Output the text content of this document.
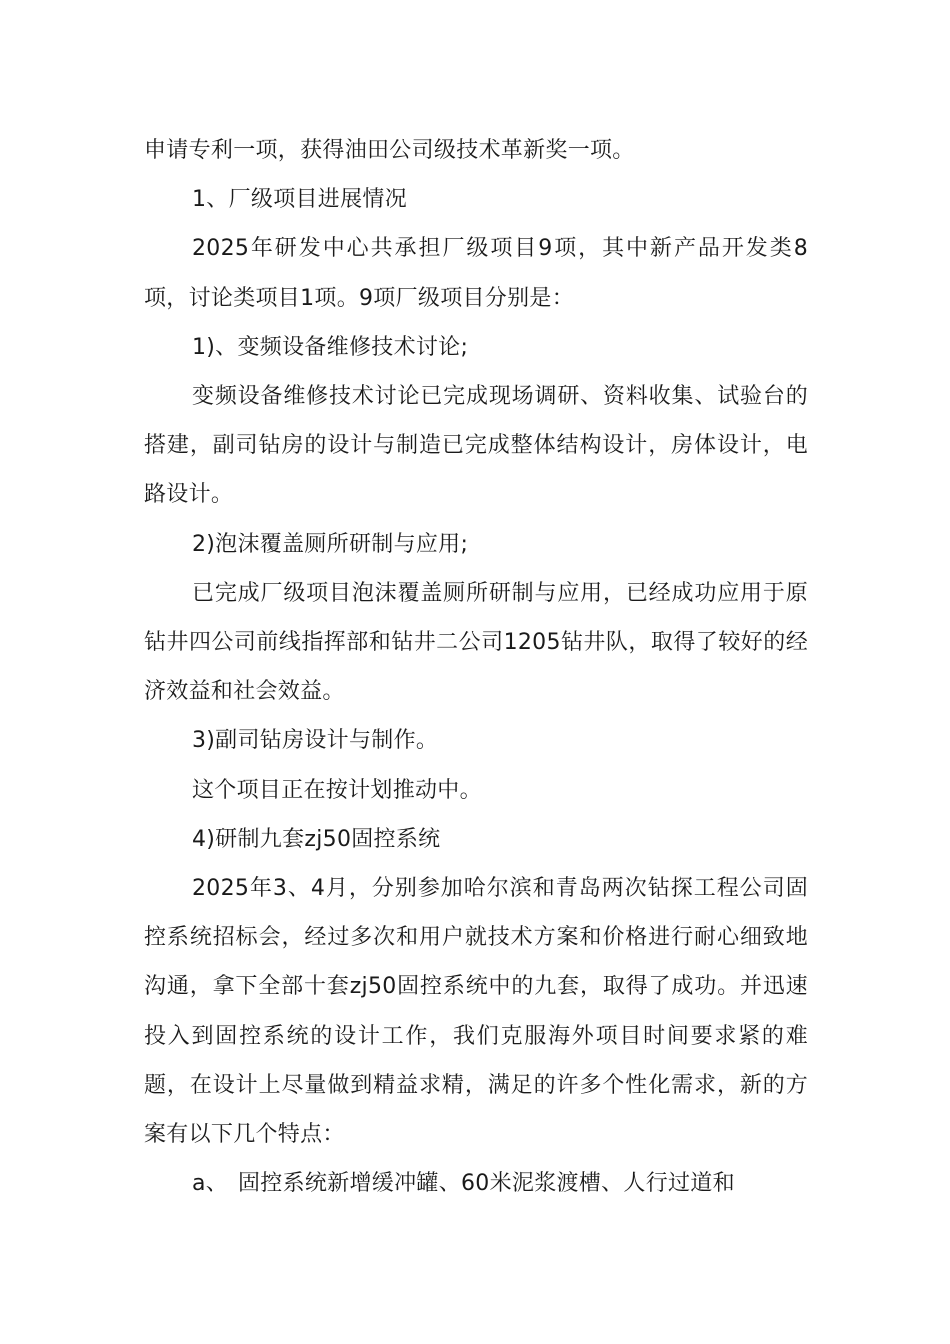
申请专利一项，获得油田公司级技术革新奖一项。

1、厂级项目进展情况

2025年研发中心共承担厂级项目9项，其中新产品开发类8项，讨论类项目1项。9项厂级项目分别是：

1)、变频设备维修技术讨论;

变频设备维修技术讨论已完成现场调研、资料收集、试验台的搭建，副司钻房的设计与制造已完成整体结构设计，房体设计，电路设计。

2)泡沫覆盖厕所研制与应用;

已完成厂级项目泡沫覆盖厕所研制与应用，已经成功应用于原钻井四公司前线指挥部和钻井二公司1205钻井队，取得了较好的经济效益和社会效益。

3)副司钻房设计与制作。

这个项目正在按计划推动中。

4)研制九套zj50固控系统

2025年3、4月，分别参加哈尔滨和青岛两次钻探工程公司固控系统招标会，经过多次和用户就技术方案和价格进行耐心细致地沟通，拿下全部十套zj50固控系统中的九套，取得了成功。并迅速投入到固控系统的设计工作，我们克服海外项目时间要求紧的难题，在设计上尽量做到精益求精，满足的许多个性化需求，新的方案有以下几个特点：

a、 固控系统新增缓冲罐、60米泥浆渡槽、人行过道和
